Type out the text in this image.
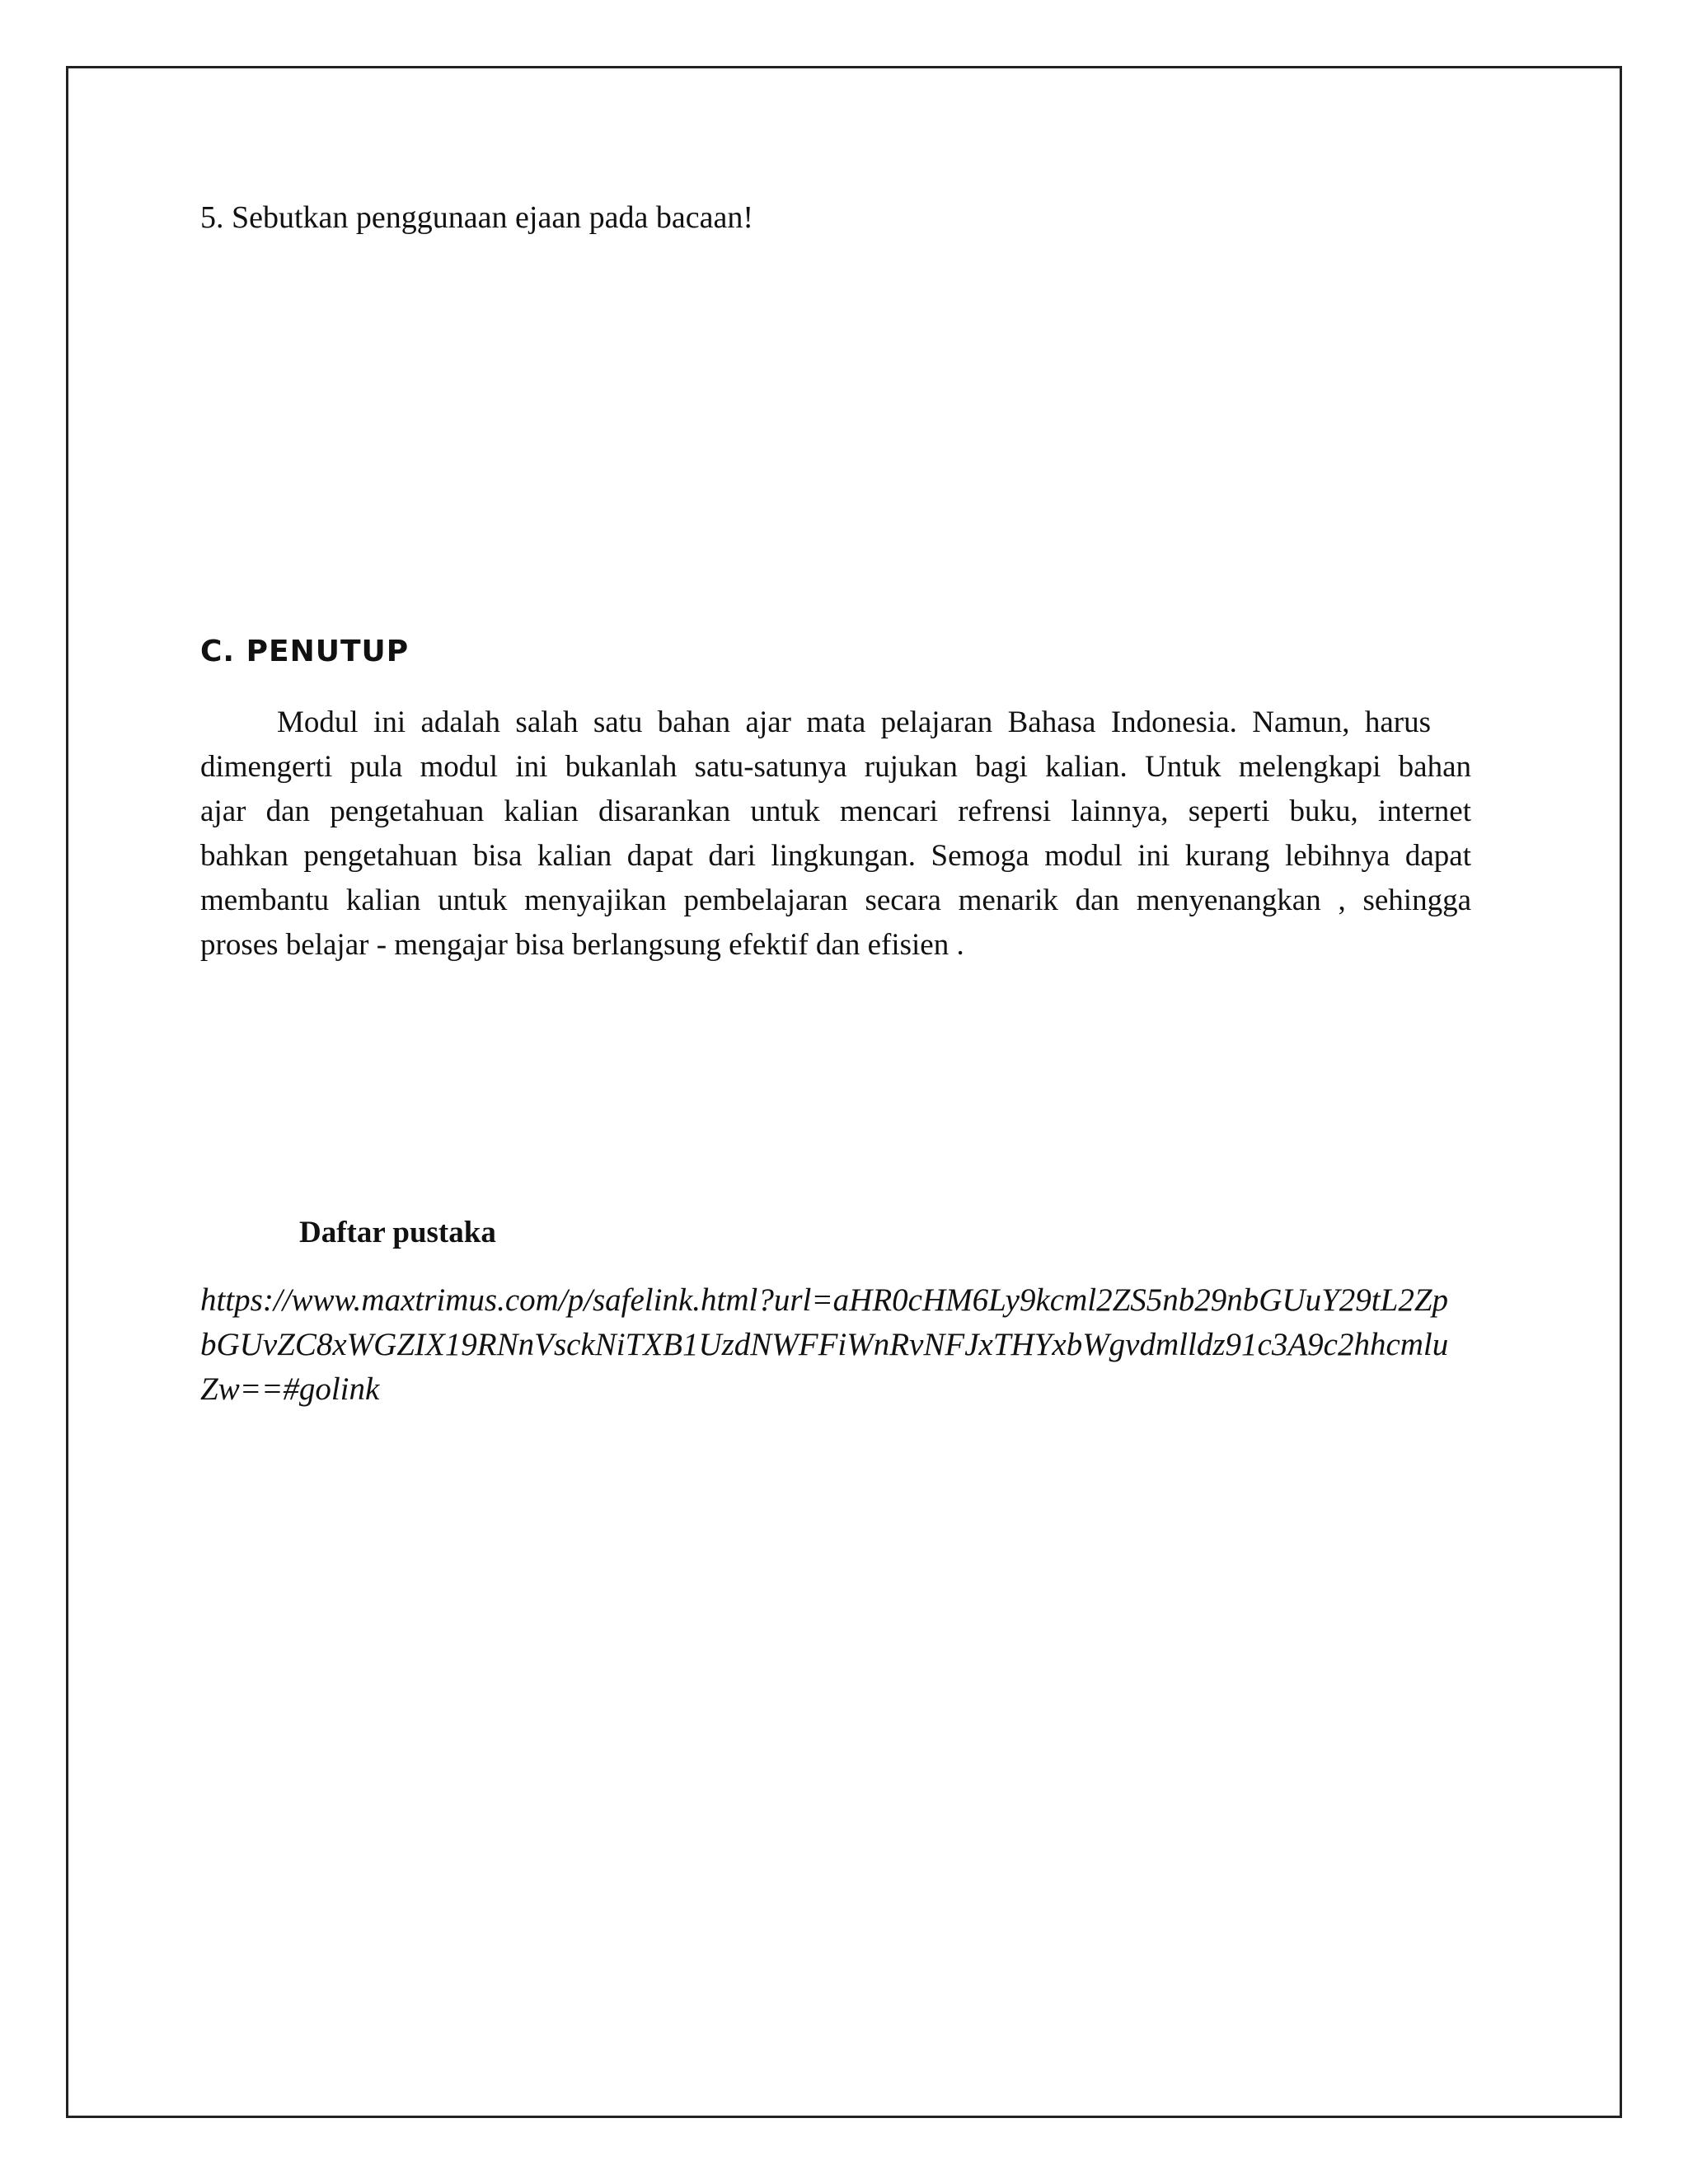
5. Sebutkan penggunaan ejaan pada bacaan!
C. PENUTUP
Modul ini adalah salah satu bahan ajar mata pelajaran Bahasa Indonesia. Namun, harus
dimengerti pula modul ini bukanlah satu-satunya rujukan bagi kalian. Untuk melengkapi bahan
ajar dan pengetahuan kalian disarankan untuk mencari refrensi lainnya, seperti buku, internet
bahkan pengetahuan bisa kalian dapat dari lingkungan. Semoga modul ini kurang lebihnya dapat
membantu kalian untuk menyajikan pembelajaran secara menarik dan menyenangkan , sehingga
proses belajar - mengajar bisa berlangsung efektif dan efisien .
Daftar pustaka
https://www.maxtrimus.com/p/safelink.html?url=aHR0cHM6Ly9kcml2ZS5nb29nbGUuY29tL2Zp
bGUvZC8xWGZIX19RNnVsckNiTXB1UzdNWFFiWnRvNFJxTHYxbWgvdmlldz91c3A9c2hhcmlu
Zw==#golink
